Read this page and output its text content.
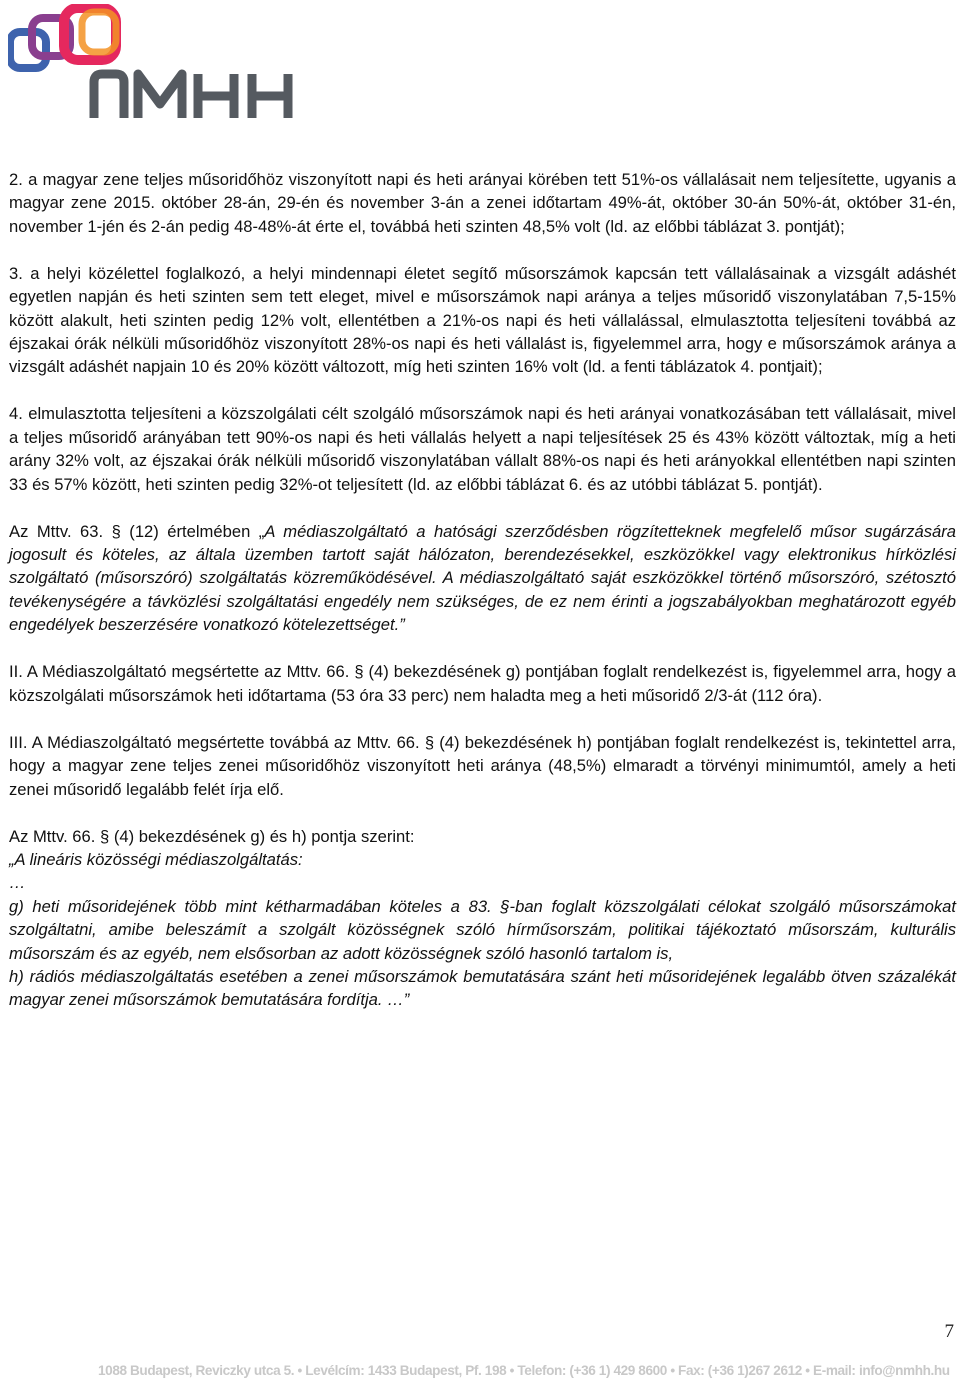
NMHH

2. a magyar zene teljes műsoridőhöz viszonyított napi és heti arányai körében tett 51%-os vállalásait nem teljesítette, ugyanis a magyar zene 2015. október 28-án, 29-én és november 3-án a zenei időtartam 49%-át, október 30-án 50%-át, október 31-én, november 1-jén és 2-án pedig 48-48%-át érte el, továbbá heti szinten 48,5% volt (ld. az előbbi táblázat 3. pontját);

3. a helyi közélettel foglalkozó, a helyi mindennapi életet segítő műsorszámok kapcsán tett vállalásainak a vizsgált adáshét egyetlen napján és heti szinten sem tett eleget, mivel e műsorszámok napi aránya a teljes műsoridő viszonylatában 7,5-15% között alakult, heti szinten pedig 12% volt, ellentétben a 21%-os napi és heti vállalással, elmulasztotta teljesíteni továbbá az éjszakai órák nélküli műsoridőhöz viszonyított 28%-os napi és heti vállalást is, figyelemmel arra, hogy e műsorszámok aránya a vizsgált adáshét napjain 10 és 20% között változott, míg heti szinten 16% volt (ld. a fenti táblázatok 4. pontjait);

4. elmulasztotta teljesíteni a közszolgálati célt szolgáló műsorszámok napi és heti arányai vonatkozásában tett vállalásait, mivel a teljes műsoridő arányában tett 90%-os napi és heti vállalás helyett a napi teljesítések 25 és 43% között változtak, míg a heti arány 32% volt, az éjszakai órák nélküli műsoridő viszonylatában vállalt 88%-os napi és heti arányokkal ellentétben napi szinten 33 és 57% között, heti szinten pedig 32%-ot teljesített (ld. az előbbi táblázat 6. és az utóbbi táblázat 5. pontját).

Az Mttv. 63. § (12) értelmében „A médiaszolgáltató a hatósági szerződésben rögzítetteknek megfelelő műsor sugárzására jogosult és köteles, az általa üzemben tartott saját hálózaton, berendezésekkel, eszközökkel vagy elektronikus hírközlési szolgáltató (műsorszóró) szolgáltatás közreműködésével. A médiaszolgáltató saját eszközökkel történő műsorszóró, szétosztó tevékenységére a távközlési szolgáltatási engedély nem szükséges, de ez nem érinti a jogszabályokban meghatározott egyéb engedélyek beszerzésére vonatkozó kötelezettséget.”

II. A Médiaszolgáltató megsértette az Mttv. 66. § (4) bekezdésének g) pontjában foglalt rendelkezést is, figyelemmel arra, hogy a közszolgálati műsorszámok heti időtartama (53 óra 33 perc) nem haladta meg a heti műsoridő 2/3-át (112 óra).

III. A Médiaszolgáltató megsértette továbbá az Mttv. 66. § (4) bekezdésének h) pontjában foglalt rendelkezést is, tekintettel arra, hogy a magyar zene teljes zenei műsoridőhöz viszonyított heti aránya (48,5%) elmaradt a törvényi minimumtól, amely a heti zenei műsoridő legalább felét írja elő.

Az Mttv. 66. § (4) bekezdésének g) és h) pontja szerint:

„A lineáris közösségi médiaszolgáltatás:

…

g) heti műsoridejének több mint kétharmadában köteles a 83. §-ban foglalt közszolgálati célokat szolgáló műsorszámokat szolgáltatni, amibe beleszámít a szolgált közösségnek szóló hírműsorszám, politikai tájékoztató műsorszám, kulturális műsorszám és az egyéb, nem elsősorban az adott közösségnek szóló hasonló tartalom is,

h) rádiós médiaszolgáltatás esetében a zenei műsorszámok bemutatására szánt heti műsoridejének legalább ötven százalékát magyar zenei műsorszámok bemutatására fordítja. …”

7
1088 Budapest, Reviczky utca 5. • Levélcím: 1433 Budapest, Pf. 198 • Telefon: (+36 1) 429 8600 • Fax: (+36 1)267 2612 • E-mail: info@nmhh.hu
